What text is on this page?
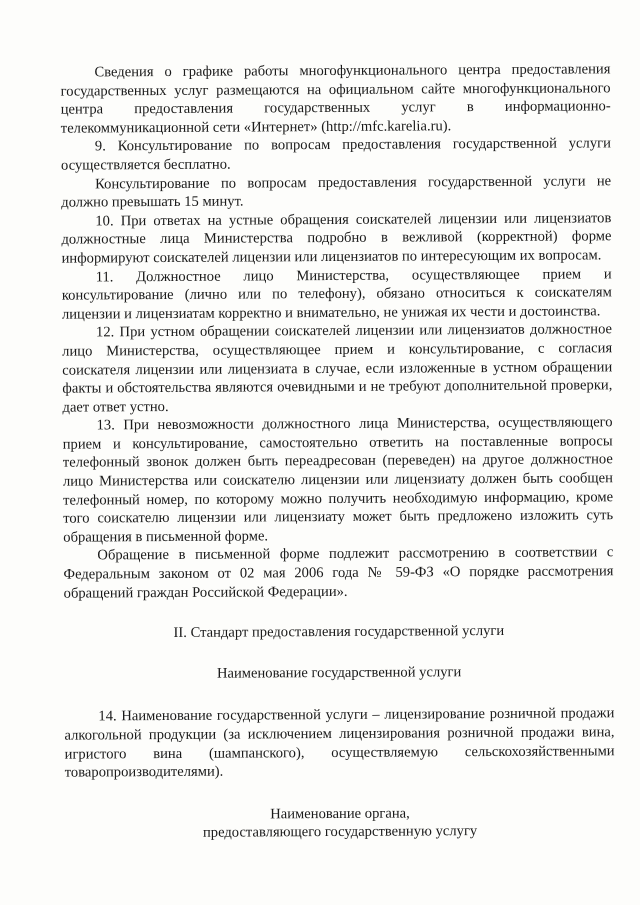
Сведения о графике работы многофункционального центра предоставления государственных услуг размещаются на официальном сайте многофункционального центра предоставления государственных услуг в информационно-телекоммуникационной сети «Интернет» (http://mfc.karelia.ru).

9. Консультирование по вопросам предоставления государственной услуги осуществляется бесплатно.

Консультирование по вопросам предоставления государственной услуги не должно превышать 15 минут.

10. При ответах на устные обращения соискателей лицензии или лицензиатов должностные лица Министерства подробно в вежливой (корректной) форме информируют соискателей лицензии или лицензиатов по интересующим их вопросам.

11. Должностное лицо Министерства, осуществляющее прием и консультирование (лично или по телефону), обязано относиться к соискателям лицензии и лицензиатам корректно и внимательно, не унижая их чести и достоинства.

12. При устном обращении соискателей лицензии или лицензиатов должностное лицо Министерства, осуществляющее прием и консультирование, с согласия соискателя лицензии или лицензиата в случае, если изложенные в устном обращении факты и обстоятельства являются очевидными и не требуют дополнительной проверки, дает ответ устно.

13. При невозможности должностного лица Министерства, осуществляющего прием и консультирование, самостоятельно ответить на поставленные вопросы телефонный звонок должен быть переадресован (переведен) на другое должностное лицо Министерства или соискателю лицензии или лицензиату должен быть сообщен телефонный номер, по которому можно получить необходимую информацию, кроме того соискателю лицензии или лицензиату может быть предложено изложить суть обращения в письменной форме.

Обращение в письменной форме подлежит рассмотрению в соответствии с Федеральным законом от 02 мая 2006 года № 59-ФЗ «О порядке рассмотрения обращений граждан Российской Федерации».

II. Стандарт предоставления государственной услуги

Наименование государственной услуги

14. Наименование государственной услуги – лицензирование розничной продажи алкогольной продукции (за исключением лицензирования розничной продажи вина, игристого вина (шампанского), осуществляемую сельскохозяйственными товаропроизводителями).

Наименование органа,

предоставляющего государственную услугу
